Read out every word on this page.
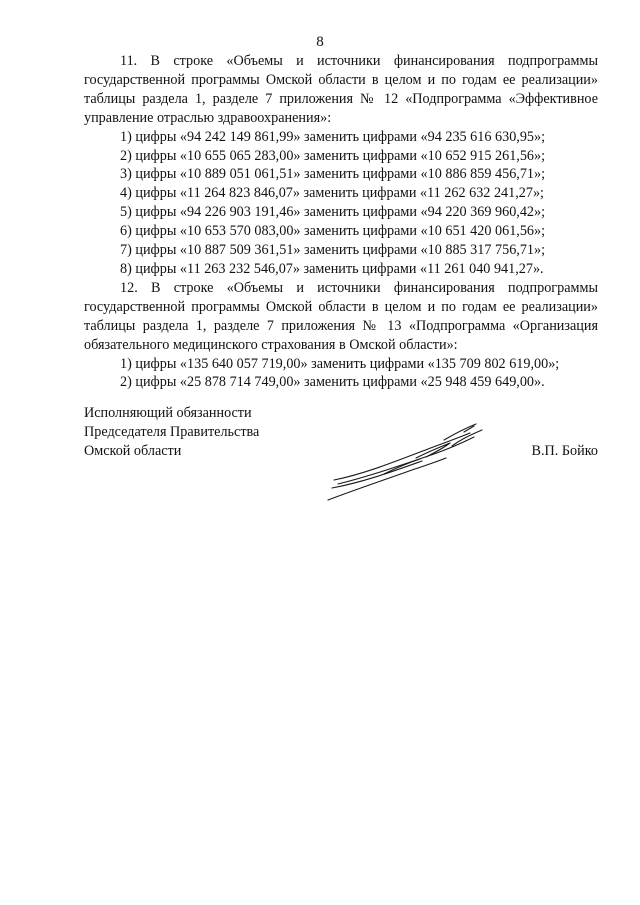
8

11. В строке «Объемы и источники финансирования подпрограммы государственной программы Омской области в целом и по годам ее реализации» таблицы раздела 1, разделе 7 приложения № 12 «Подпрограмма «Эффективное управление отраслью здравоохранения»:

1) цифры «94 242 149 861,99» заменить цифрами «94 235 616 630,95»;
2) цифры «10 655 065 283,00» заменить цифрами «10 652 915 261,56»;
3) цифры «10 889 051 061,51» заменить цифрами «10 886 859 456,71»;
4) цифры «11 264 823 846,07» заменить цифрами «11 262 632 241,27»;
5) цифры «94 226 903 191,46» заменить цифрами «94 220 369 960,42»;
6) цифры «10 653 570 083,00» заменить цифрами «10 651 420 061,56»;
7) цифры «10 887 509 361,51» заменить цифрами «10 885 317 756,71»;
8) цифры «11 263 232 546,07» заменить цифрами «11 261 040 941,27».

12. В строке «Объемы и источники финансирования подпрограммы государственной программы Омской области в целом и по годам ее реализации» таблицы раздела 1, разделе 7 приложения № 13 «Подпрограмма «Организация обязательного медицинского страхования в Омской области»:

1) цифры «135 640 057 719,00» заменить цифрами «135 709 802 619,00»;
2) цифры «25 878 714 749,00» заменить цифрами «25 948 459 649,00».
Исполняющий обязанности
Председателя Правительства
Омской области	В.П. Бойко
